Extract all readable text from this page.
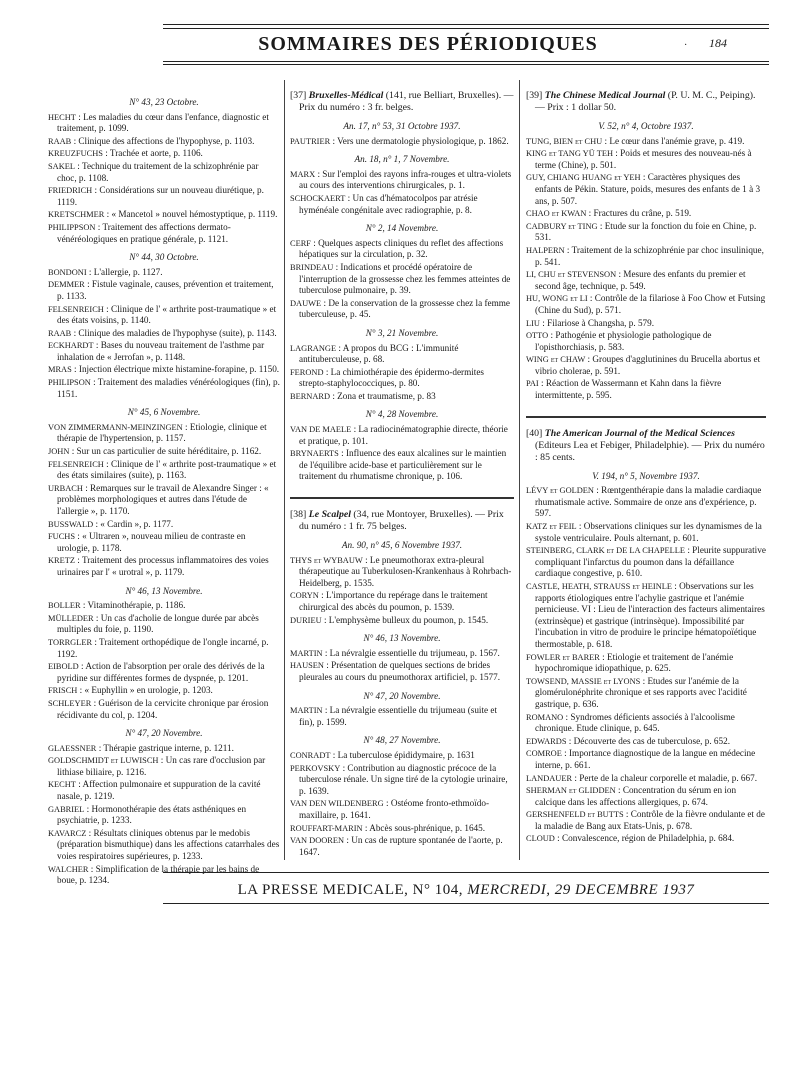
SOMMAIRES DES PÉRIODIQUES	· 184
N° 43, 23 Octobre.
HECHT : Les maladies du cœur dans l'enfance, diagnostic et traitement, p. 1099.
RAAB : Clinique des affections de l'hypophyse, p. 1103.
KREUZFUCHS : Trachée et aorte, p. 1106.
SAKEL : Technique du traitement de la schizophrénie par choc, p. 1108.
FRIEDRICH : Considérations sur un nouveau diurétique, p. 1119.
KRETSCHMER : « Mancetol » nouvel hémostyptique, p. 1119.
PHILIPPSON : Traitement des affections dermato-vénéréologiques en pratique générale, p. 1121.
N° 44, 30 Octobre.
BONDONI : L'allergie, p. 1127.
DEMMER : Fistule vaginale, causes, prévention et traitement, p. 1133.
FELSENREICH : Clinique de l' « arthrite post-traumatique » et des états voisins, p. 1140.
RAAB : Clinique des maladies de l'hypophyse (suite), p. 1143.
ECKHARDT : Bases du nouveau traitement de l'asthme par inhalation de « Jerrofan », p. 1148.
MRAS : Injection électrique mixte histamine-forapine, p. 1150.
PHILIPSON : Traitement des maladies vénéréologiques (fin), p. 1151.
N° 45, 6 Novembre.
VON ZIMMERMANN-MEINZINGEN : Etiologie, clinique et thérapie de l'hypertension, p. 1157.
JOHN : Sur un cas particulier de suite héréditaire, p. 1162.
FELSENREICH : Clinique de l' « arthrite post-traumatique » et des états similaires (suite), p. 1163.
URBACH : Remarques sur le travail de Alexandre Singer : « problèmes morphologiques et autres dans l'étude de l'allergie », p. 1170.
BUSSWALD : « Cardin », p. 1177.
FUCHS : « Ultraren », nouveau milieu de contraste en urologie, p. 1178.
KRETZ : Traitement des processus inflammatoires des voies urinaires par l' « urotral », p. 1179.
N° 46, 13 Novembre.
BOLLER : Vitaminothérapie, p. 1186.
MÜLLEDER : Un cas d'acholie de longue durée par abcès multiples du foie, p. 1190.
TORRGLER : Traitement orthopédique de l'ongle incarné, p. 1192.
EIBOLD : Action de l'absorption per orale des dérivés de la pyridine sur différentes formes de dyspnée, p. 1201.
FRISCH : « Euphyllin » en urologie, p. 1203.
SCHLEYER : Guérison de la cervicite chronique par érosion récidivante du col, p. 1204.
N° 47, 20 Novembre.
GLAESSNER : Thérapie gastrique interne, p. 1211.
GOLDSCHMIDT et LUWISCH : Un cas rare d'occlusion par lithiase biliaire, p. 1216.
KECHT : Affection pulmonaire et suppuration de la cavité nasale, p. 1219.
GABRIEL : Hormonothérapie des états asthéniques en psychiatrie, p. 1233.
KAVARCZ : Résultats cliniques obtenus par le medobis (préparation bismuthique) dans les affections catarrhales des voies respiratoires supérieures, p. 1233.
WALCHER : Simplification de la thérapie par les bains de boue, p. 1234.
[37] Bruxelles-Médical (141, rue Belliart, Bruxelles). — Prix du numéro : 3 fr. belges.
An. 17, n° 53, 31 Octobre 1937.
PAUTRIER : Vers une dermatologie physiologique, p. 1862.
An. 18, n° 1, 7 Novembre.
MARX : Sur l'emploi des rayons infra-rouges et ultra-violets au cours des interventions chirurgicales, p. 1.
SCHOCKAERT : Un cas d'hématocolpos par atrésie hyménéale congénitale avec radiographie, p. 8.
N° 2, 14 Novembre.
CERF : Quelques aspects cliniques du reflet des affections hépatiques sur la circulation, p. 32.
BRINDEAU : Indications et procédé opératoire de l'interruption de la grossesse chez les femmes atteintes de tuberculose pulmonaire, p. 39.
DAUWE : De la conservation de la grossesse chez la femme tuberculeuse, p. 45.
N° 3, 21 Novembre.
LAGRANGE : A propos du BCG : L'immunité antituberculeuse, p. 68.
FEROND : La chimiothérapie des épidermo-dermites strepto-staphylococciques, p. 80.
BERNARD : Zona et traumatisme, p. 83
N° 4, 28 Novembre.
VAN DE MAELE : La radiocinématographie directe, théorie et pratique, p. 101.
BRYNAERTS : Influence des eaux alcalines sur le maintien de l'équilibre acide-base et particulièrement sur le traitement du rhumatisme chronique, p. 106.
[38] Le Scalpel (34, rue Montoyer, Bruxelles). — Prix du numéro : 1 fr. 75 belges.
An. 90, n° 45, 6 Novembre 1937.
THYS et WYBAUW : Le pneumothorax extra-pleural thérapeutique au Tuberkulosen-Krankenhaus à Rohrbach-Heidelberg, p. 1535.
CORYN : L'importance du repérage dans le traitement chirurgical des abcès du poumon, p. 1539.
DURIEU : L'emphysème bulleux du poumon, p. 1545.
N° 46, 13 Novembre.
MARTIN : La névralgie essentielle du trijumeau, p. 1567.
HAUSEN : Présentation de quelques sections de brides pleurales au cours du pneumothorax artificiel, p. 1577.
N° 47, 20 Novembre.
MARTIN : La névralgie essentielle du trijumeau (suite et fin), p. 1599.
N° 48, 27 Novembre.
CONRADT : La tuberculose épididymaire, p. 1631
PERKOVSKY : Contribution au diagnostic précoce de la tuberculose rénale. Un signe tiré de la cytologie urinaire, p. 1639.
VAN DEN WILDENBERG : Ostéome fronto-ethmoïdo-maxillaire, p. 1641.
ROUFFART-MARIN : Abcès sous-phrénique, p. 1645.
VAN DOOREN : Un cas de rupture spontanée de l'aorte, p. 1647.
[39] The Chinese Medical Journal (P. U. M. C., Peiping). — Prix : 1 dollar 50.
V. 52, n° 4, Octobre 1937.
TUNG, BIEN et CHU : Le cœur dans l'anémie grave, p. 419.
KING et TANG YÜ TEH : Poids et mesures des nouveau-nés à terme (Chine), p. 501.
GUY, CHIANG HUANG et YEH : Caractères physiques des enfants de Pékin. Stature, poids, mesures des enfants de 1 à 3 ans, p. 507.
CHAO et KWAN : Fractures du crâne, p. 519.
CADBURY et TING : Etude sur la fonction du foie en Chine, p. 531.
HALPERN : Traitement de la schizophrénie par choc insulinique, p. 541.
LI, CHU et STEVENSON : Mesure des enfants du premier et second âge, technique, p. 549.
HU, WONG et LI : Contrôle de la filariose à Foo Chow et Futsing (Chine du Sud), p. 571.
LIU : Filariose à Changsha, p. 579.
OTTO : Pathogénie et physiologie pathologique de l'opisthorchiasis, p. 583.
WING et CHAW : Groupes d'agglutinines du Brucella abortus et vibrio cholerae, p. 591.
PAI : Réaction de Wassermann et Kahn dans la fièvre intermittente, p. 595.
[40] The American Journal of the Medical Sciences (Editeurs Lea et Febiger, Philadelphie). — Prix du numéro : 85 cents.
V. 194, n° 5, Novembre 1937.
LÉVY et GOLDEN : Rœntgenthérapie dans la maladie cardiaque rhumatismale active. Sommaire de onze ans d'expérience, p. 597.
KATZ et FEIL : Observations cliniques sur les dynamismes de la systole ventriculaire. Pouls alternant, p. 601.
STEINBERG, CLARK et DE LA CHAPELLE : Pleurite suppurative compliquant l'infarctus du poumon dans la défaillance cardiaque congestive, p. 610.
CASTLE, HEATH, STRAUSS et HEINLE : Observations sur les rapports étiologiques entre l'achylie gastrique et l'anémie pernicieuse. VI : Lieu de l'interaction des facteurs alimentaires (extrinsèque) et gastrique (intrinsèque). Impossibilité par l'incubation in vitro de produire le principe hématopoïétique thermostable, p. 618.
FOWLER et BARER : Etiologie et traitement de l'anémie hypochromique idiopathique, p. 625.
TOWSEND, MASSIE et LYONS : Etudes sur l'anémie de la glomérulonéphrite chronique et ses rapports avec l'acidité gastrique, p. 636.
ROMANO : Syndromes déficients associés à l'alcoolisme chronique. Etude clinique, p. 645.
EDWARDS : Découverte des cas de tuberculose, p. 652.
COMROE : Importance diagnostique de la langue en médecine interne, p. 661.
LANDAUER : Perte de la chaleur corporelle et maladie, p. 667.
SHERMAN et GLIDDEN : Concentration du sérum en ion calcique dans les affections allergiques, p. 674.
GERSHENFELD et BUTTS : Contrôle de la fièvre ondulante et de la maladie de Bang aux Etats-Unis, p. 678.
CLOUD : Convalescence, région de Philadelphia, p. 684.
LA PRESSE MEDICALE, N° 104, MERCREDI, 29 DECEMBRE 1937
